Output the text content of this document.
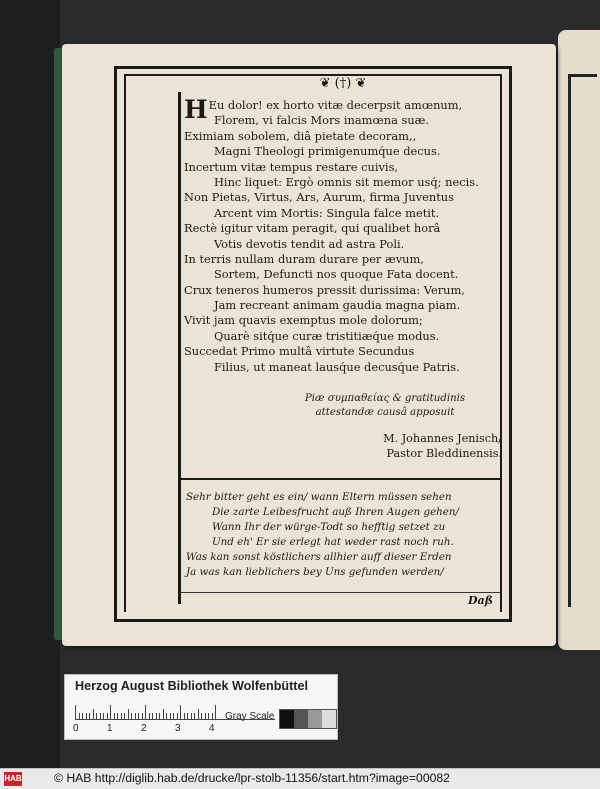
❦ (†) ❦
H Eu dolor! ex horto vitæ decerpsit amœnum,
Florem, vi falcis Mors inamœna suæ.
Eximiam sobolem, diâ pietate decoram,,
Magni Theologi primigenumq́ue decus.
Incertum vitæ tempus restare cuivis,
Hinc liquet: Ergò omnis sit memor usq́; necis.
Non Pietas, Virtus, Ars, Aurum, firma Juventus
Arcent vim Mortis: Singula falce metit.
Rectè igitur vitam peragit, qui qualibet horâ
Votis devotis tendit ad astra Poli.
In terris nullam duram durare per ævum,
Sortem, Defuncti nos quoque Fata docent.
Crux teneros humeros pressit durissima: Verum,
Jam recreant animam gaudia magna piam.
Vivit jam quavis exemptus mole dolorum;
Quarè sitq́ue curæ tristitiæq́ue modus.
Succedat Primo multâ virtute Secundus
Filius, ut maneat lausq́ue decusq́ue Patris.
Piæ συμπαθείας & gratitudinis
attestandæ causâ apposuit
M. Johannes Jenisch/
Pastor Bleddinensis.
Sehr bitter geht es ein/ wann Eltern müssen sehen
Die zarte Leibesfrucht auß Ihren Augen gehen/
Wann Ihr der würge-Todt so hefftig setzet zu
Und eh' Er sie erlegt hat weder rast noch ruh.
Was kan sonst köstlichers allhier auff dieser Erden
Ja was kan lieblichers bey Uns gefunden werden/
Daß
Herzog August Bibliothek Wolfenbüttel
0	1	2	3	4
Gray Scale
HAB	© HAB http://diglib.hab.de/drucke/lpr-stolb-11356/start.htm?image=00082
